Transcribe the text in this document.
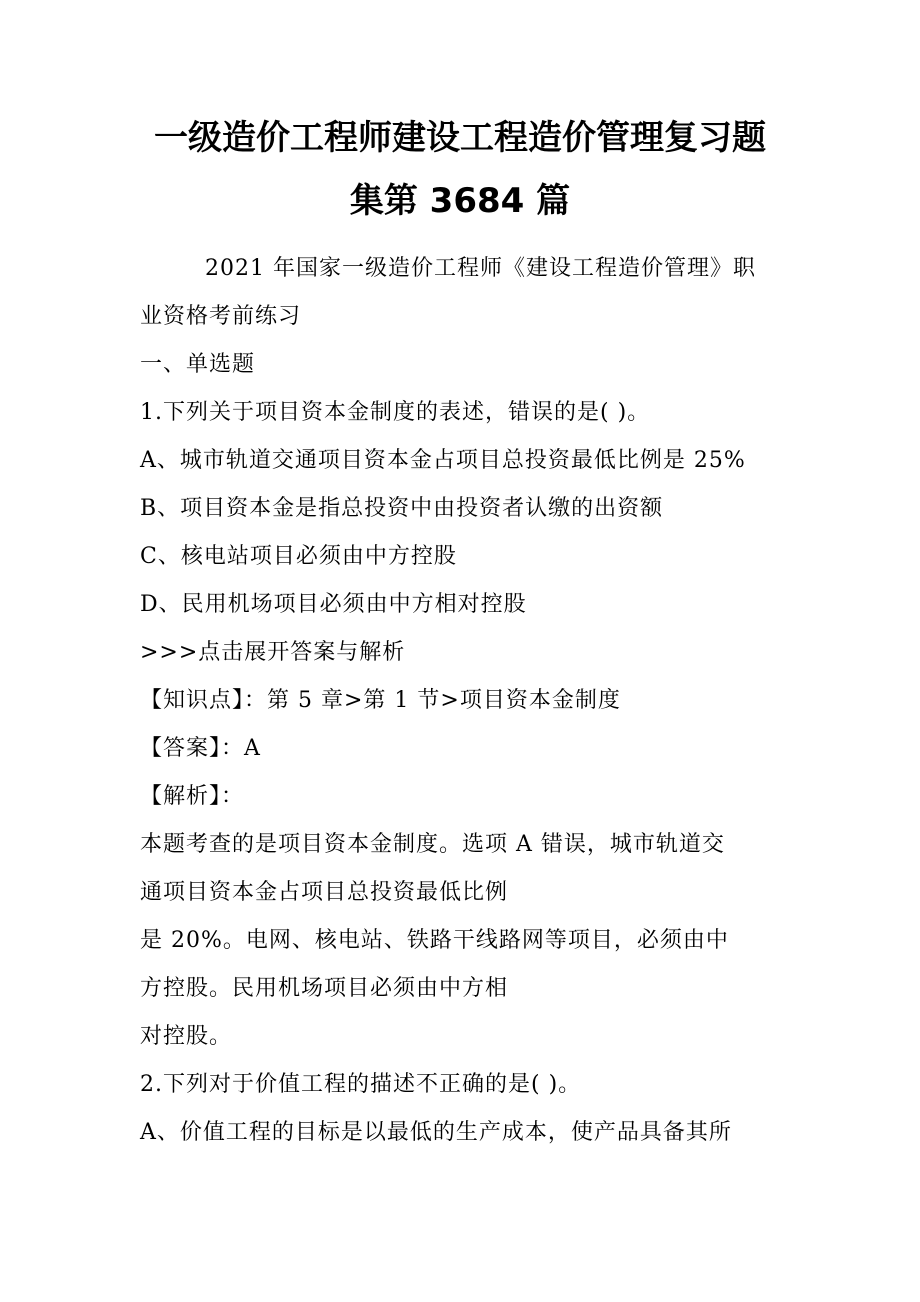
一级造价工程师建设工程造价管理复习题
集第 3684 篇
2021 年国家一级造价工程师《建设工程造价管理》职
业资格考前练习
一、单选题
1.下列关于项目资本金制度的表述，错误的是( )。
A、城市轨道交通项目资本金占项目总投资最低比例是 25%
B、项目资本金是指总投资中由投资者认缴的出资额
C、核电站项目必须由中方控股
D、民用机场项目必须由中方相对控股
>>>点击展开答案与解析
【知识点】：第 5 章>第 1 节>项目资本金制度
【答案】：A
【解析】：
本题考查的是项目资本金制度。选项 A 错误，城市轨道交
通项目资本金占项目总投资最低比例
是 20%。电网、核电站、铁路干线路网等项目，必须由中
方控股。民用机场项目必须由中方相
对控股。
2.下列对于价值工程的描述不正确的是( )。
A、价值工程的目标是以最低的生产成本，使产品具备其所
